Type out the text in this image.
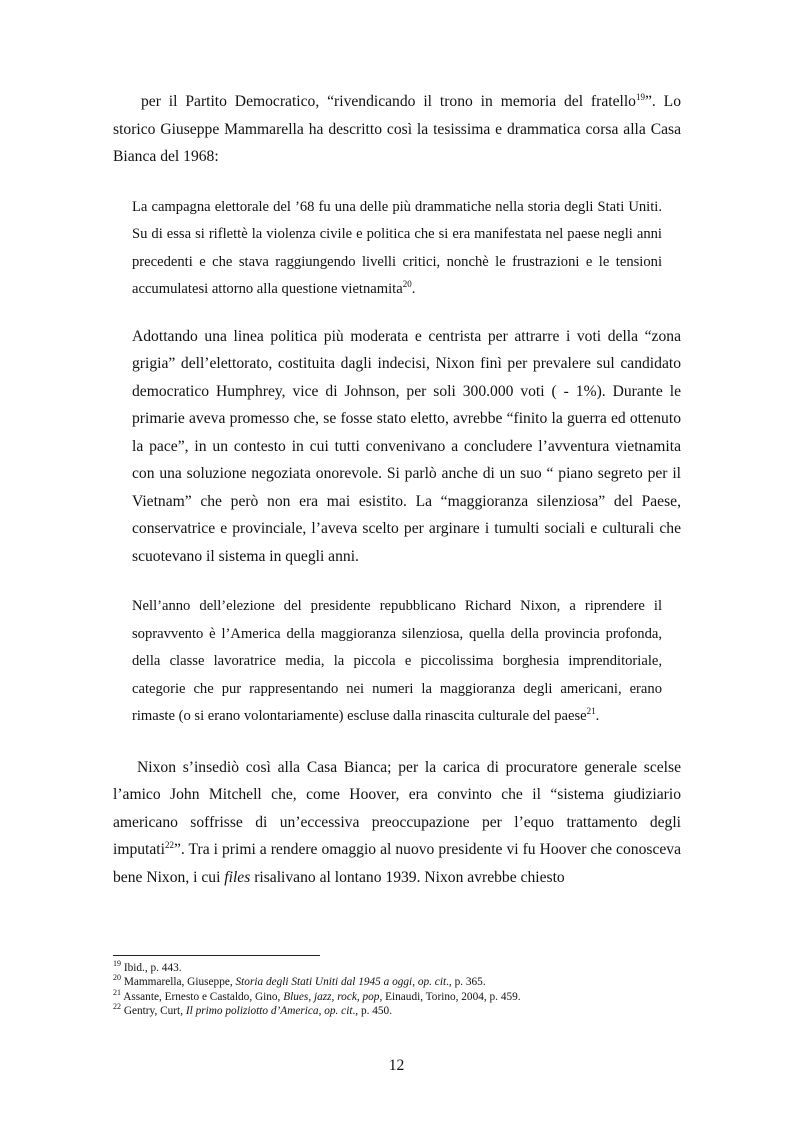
per il Partito Democratico, “rivendicando il trono in memoria del fratello$^{19}$”. Lo storico Giuseppe Mammarella ha descritto così la tesissima e drammatica corsa alla Casa Bianca del 1968:

La campagna elettorale del ’68 fu una delle più drammatiche nella storia degli Stati Uniti. Su di essa si riflettè la violenza civile e politica che si era manifestata nel paese negli anni precedenti e che stava raggiungendo livelli critici, nonchè le frustrazioni e le tensioni accumulatesi attorno alla questione vietnamita$^{20}$.

Adottando una linea politica più moderata e centrista per attrarre i voti della “zona grigia” dell’elettorato, costituita dagli indecisi, Nixon finì per prevalere sul candidato democratico Humphrey, vice di Johnson, per soli 300.000 voti ( - 1%). Durante le primarie aveva promesso che, se fosse stato eletto, avrebbe “finito la guerra ed ottenuto la pace”, in un contesto in cui tutti convenivano a concludere l’avventura vietnamita con una soluzione negoziata onorevole. Si parlò anche di un suo “ piano segreto per il Vietnam” che però non era mai esistito. La “maggioranza silenziosa” del Paese, conservatrice e provinciale, l’aveva scelto per arginare i tumulti sociali e culturali che scuotevano il sistema in quegli anni.

Nell’anno dell’elezione del presidente repubblicano Richard Nixon, a riprendere il sopravvento è l’America della maggioranza silenziosa, quella della provincia profonda, della classe lavoratrice media, la piccola e piccolissima borghesia imprenditoriale, categorie che pur rappresentando nei numeri la maggioranza degli americani, erano rimaste (o si erano volontariamente) escluse dalla rinascita culturale del paese$^{21}$.

Nixon s’insediò così alla Casa Bianca; per la carica di procuratore generale scelse l’amico John Mitchell che, come Hoover, era convinto che il “sistema giudiziario americano soffrisse di un’eccessiva preoccupazione per l’equo trattamento degli imputati$^{22}$”. Tra i primi a rendere omaggio al nuovo presidente vi fu Hoover che conosceva bene Nixon, i cui files risalivano al lontano 1939. Nixon avrebbe chiesto

$^{19}$ Ibid., p. 443.

$^{20}$ Mammarella, Giuseppe, Storia degli Stati Uniti dal 1945 a oggi, op. cit., p. 365.

$^{21}$ Assante, Ernesto e Castaldo, Gino, Blues, jazz, rock, pop, Einaudi, Torino, 2004, p. 459.

$^{22}$ Gentry, Curt, Il primo poliziotto d’America, op. cit., p. 450.

12
